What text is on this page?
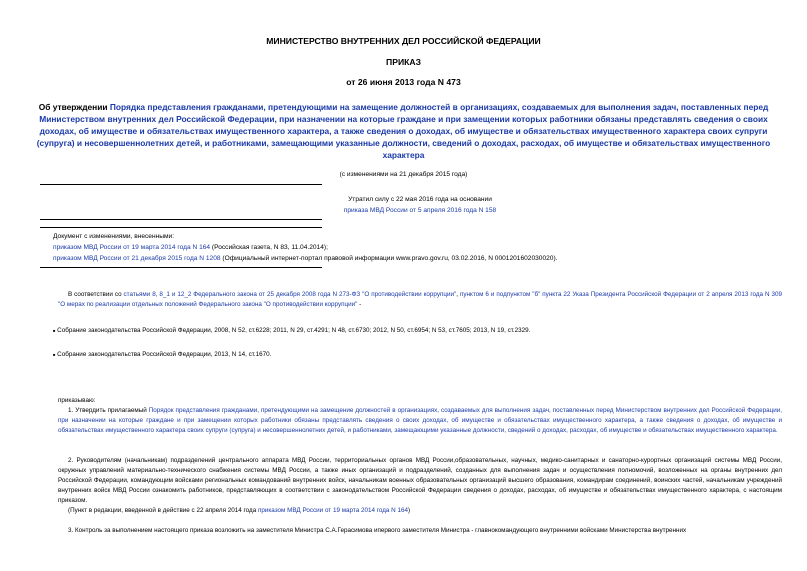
МИНИСТЕРСТВО ВНУТРЕННИХ ДЕЛ РОССИЙСКОЙ ФЕДЕРАЦИИ
ПРИКАЗ
от 26 июня 2013 года N 473
Об утверждении Порядка представления гражданами, претендующими на замещение должностей в организациях, создаваемых для выполнения задач, поставленных перед Министерством внутренних дел Российской Федерации, при назначении на которые граждане и при замещении которых работники обязаны представлять сведения о своих доходах, об имуществе и обязательствах имущественного характера, а также сведения о доходах, об имуществе и обязательствах имущественного характера своих супруги (супруга) и несовершеннолетних детей, и работниками, замещающими указанные должности, сведений о доходах, расходах, об имуществе и обязательствах имущественного характера
(с изменениями на 21 декабря 2015 года)
Утратил силу с 22 мая 2016 года на основании
приказа МВД России от 5 апреля 2016 года N 158
Документ с изменениями, внесенными:
приказом МВД России от 19 марта 2014 года N 164 (Российская газета, N 83, 11.04.2014);
приказом МВД России от 21 декабря 2015 года N 1208 (Официальный интернет-портал правовой информации www.pravo.gov.ru, 03.02.2016, N 0001201602030020).
В соответствии со статьями 8, 8_1 и 12_2 Федерального закона от 25 декабря 2008 года N 273-ФЗ "О противодействии коррупции", пунктом 6 и подпунктом "б" пункта 22 Указа Президента Российской Федерации от 2 апреля 2013 года N 309 "О мерах по реализации отдельных положений Федерального закона "О противодействии коррупции" -
■ Собрание законодательства Российской Федерации, 2008, N 52, ст.6228; 2011, N 29, ст.4291; N 48, ст.6730; 2012, N 50, ст.6954; N 53, ст.7605; 2013, N 19, ст.2329.
■ Собрание законодательства Российской Федерации, 2013, N 14, ст.1670.
приказываю:
1. Утвердить прилагаемый Порядок представления гражданами, претендующими на замещение должностей в организациях, создаваемых для выполнения задач, поставленных перед Министерством внутренних дел Российской Федерации, при назначении на которые граждане и при замещении которых работники обязаны представлять сведения о своих доходах, об имуществе и обязательствах имущественного характера, а также сведения о доходах, об имуществе и обязательствах имущественного характера своих супруги (супруга) и несовершеннолетних детей, и работниками, замещающими указанные должности, сведений о доходах, расходах, об имуществе и обязательствах имущественного характера.
2. Руководителям (начальникам) подразделений центрального аппарата МВД России, территориальных органов МВД России,образовательных, научных, медико-санитарных и санаторно-курортных организаций системы МВД России, окружных управлений материально-технического снабжения системы МВД России, а также иных организаций и подразделений, созданных для выполнения задач и осуществления полномочий, возложенных на органы внутренних дел Российской Федерации, командующим войсками региональных командований внутренних войск, начальникам военных образовательных организаций высшего образования, командирам соединений, воинских частей, начальникам учреждений внутренних войск МВД России ознакомить работников, представляющих в соответствии с законодательством Российской Федерации сведения о доходах, расходах, об имуществе и обязательствах имущественного характера, с настоящим приказом.
(Пункт в редакции, введенной в действие с 22 апреля 2014 года приказом МВД России от 19 марта 2014 года N 164)
3. Контроль за выполнением настоящего приказа возложить на заместителя Министра С.А.Герасимова ипервого заместителя Министра - главнокомандующего внутренними войсками Министерства внутренних
